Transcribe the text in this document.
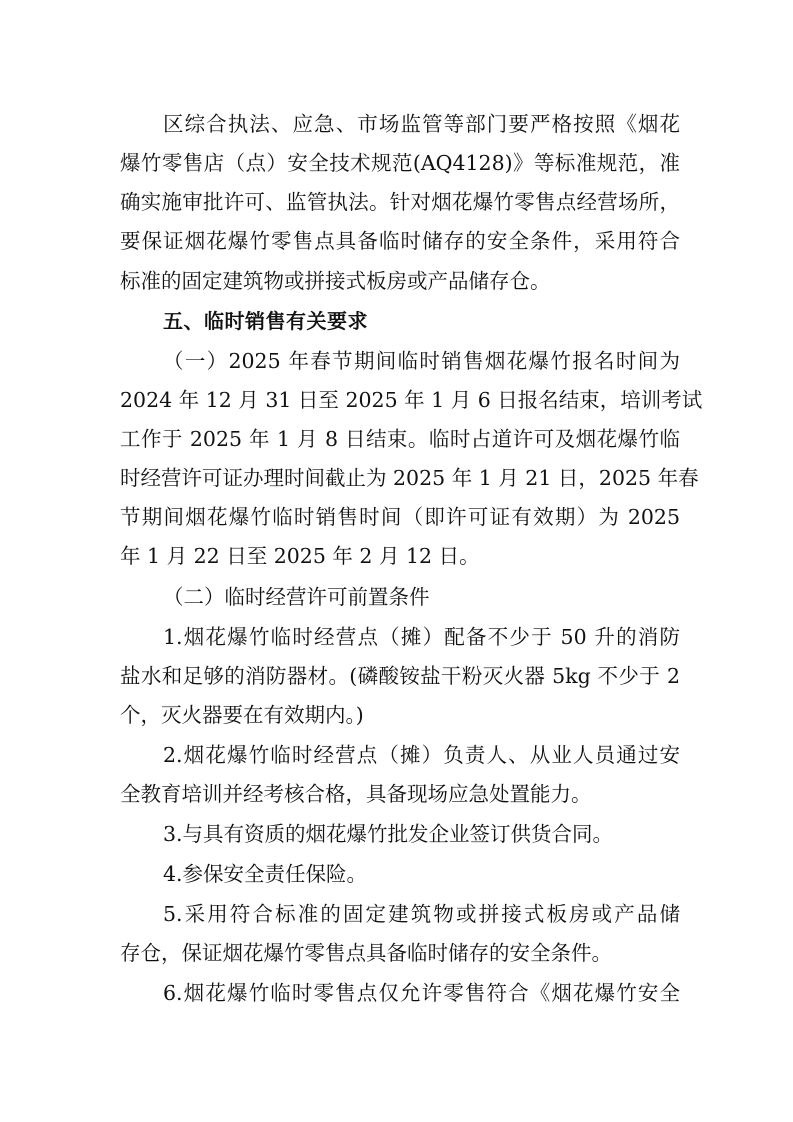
区综合执法、应急、市场监管等部门要严格按照《烟花
爆竹零售店（点）安全技术规范(AQ4128)》等标准规范，准
确实施审批许可、监管执法。针对烟花爆竹零售点经营场所，
要保证烟花爆竹零售点具备临时储存的安全条件，采用符合
标准的固定建筑物或拼接式板房或产品储存仓。
五、临时销售有关要求
（一）2025 年春节期间临时销售烟花爆竹报名时间为
2024 年 12 月 31 日至 2025 年 1 月 6 日报名结束，培训考试
工作于 2025 年 1 月 8 日结束。临时占道许可及烟花爆竹临
时经营许可证办理时间截止为 2025 年 1 月 21 日，2025 年春
节期间烟花爆竹临时销售时间（即许可证有效期）为 2025
年 1 月 22 日至 2025 年 2 月 12 日。
（二）临时经营许可前置条件
1.烟花爆竹临时经营点（摊）配备不少于 50 升的消防
盐水和足够的消防器材。(磷酸铵盐干粉灭火器 5kg 不少于 2
个，灭火器要在有效期内。)
2.烟花爆竹临时经营点（摊）负责人、从业人员通过安
全教育培训并经考核合格，具备现场应急处置能力。
3.与具有资质的烟花爆竹批发企业签订供货合同。
4.参保安全责任保险。
5.采用符合标准的固定建筑物或拼接式板房或产品储
存仓，保证烟花爆竹零售点具备临时储存的安全条件。
6.烟花爆竹临时零售点仅允许零售符合《烟花爆竹安全
